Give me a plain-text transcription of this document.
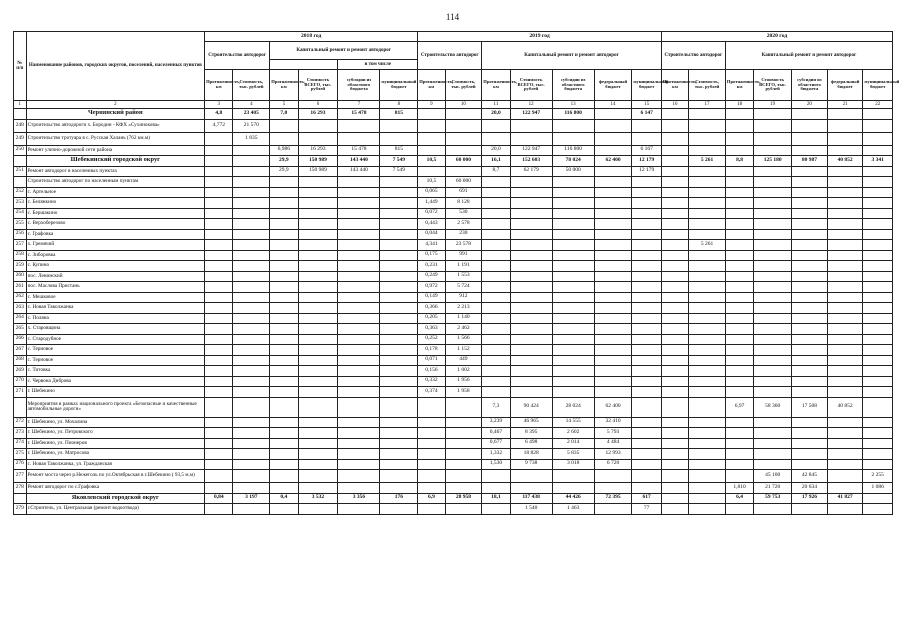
114
№ п/п	Наименование районов, городских округов, поселений, населенных пунктов	2018 год						2019 год							2020 год						
		Строительство автодорог		Капитальный ремонт и ремонт автодорог				Строительство автодорог		Капитальный ремонт и ремонт автодорог					Строительство автодорог		Капитальный ремонт и ремонт автодорог				
						в том числе															
		Протяженность, км	Стоимость, тыс. рублей	Протяженность, км	Стоимость ВСЕГО, тыс. рублей	субсидии из областного бюджета	муниципальный бюджет	Протяженность, км	Стоимость, тыс. рублей	Протяженность, км	Стоимость ВСЕГО, тыс. рублей	субсидии из областного бюджета	федеральный бюджет	муниципальный бюджет	Протяженность, км	Стоимость, тыс. рублей	Протяженность, км	Стоимость ВСЕГО, тыс. рублей	субсидии из областного бюджета	федеральный бюджет	муниципальный бюджет
1	2	3	4	5	6	7	8	9	10	11	12	13	14	15	16	17	18	19	20	21	22
	Чернянский район	4,8	23 405	7,0	16 293	15 478	815			20,0	122 947	116 800		6 147							
248	Строительство автодороги х. Бородин - КФХ «Сухинокова»	4,772	21 570																		
249	Строительство тротуара в с. Русская Халань (762 км.м)		1 835																		
250	Ремонт улично-дорожной сети района			6,986	16 293	15 478	815			20,0	122 947	116 800		6 167							
	Шебекинский городской округ			29,9	150 989	143 440	7 549	10,5	60 000	16,1	152 603	78 024	62 400	12 179		5 261	8,8	125 180	80 987	40 852	3 341
251	Ремонт автодорог в населенных пунктах			29,9	150 989	143 440	7 549			8,7	62 179	50 000		12 179							
	Строительство автодорог по населенным пунктам							10,5	60 000												
252	с. Артельное							0,065	691												
253	с. Белянкино							1,449	8 128												
254	с. Бершакино							0,072	530												
255	с. Верхоберезово							0,443	2 578												
256	с. Графовка							0,044	230												
257	х. Гремячий							4,341	23 578							5 261					
258	с. Зиборовка							0,175	991												
259	с. Купино							0,231	1 191												
260	пос. Ленинский							0,249	1 553												
261	пос. Маслова Пристань							0,972	5 724												
262	с. Мешковое							0,149	912												
263	с. Новая Таволжанка							0,366	2 213												
264	с. Поляна							0,205	1 140												
265	х. Старовщина							0,363	2 462												
266	с. Стародубное							0,252	1 566												
267	с. Терновое							0,178	1 152												
268	с. Терновое							0,071	449												
269	с. Титовка							0,156	1 002												
270	с. Червона Диброва							0,332	1 956												
271	г. Шебекино							0,374	1 958												
	Мероприятия в рамках национального проекта «Безопасные и качественные автомобильные дороги»									7,3	90 424	28 024	62 400				6,97	58 360	17 508	40 852	
272	г. Шебекино, ул. Мочалина									3,239	46 965	14 555	32 410								
273	г. Шебекино, ул. Петровского									0,467	8 395	2 602	5 793								
274	г. Шебекино, ул. Пионеров									0,677	6 498	2 014	4 484								
275	г. Шебекино, ул. Матросова									1,332	18 828	5 835	12 993								
276	с. Новая Таволжанка, ул. Гражданская									1,530	9 738	3 018	6 720								
277	Ремонт моста через р.Нежеголь по ул.Октябрьская в г.Шебекино ( 93,5 м.м)																	45 100	42 845		2 255
278	Ремонт автодорог по с.Графовка																1,810	21 720	20 634		1 086
	Яковлевский городской округ	0,84	3 197	0,4	3 532	3 356	176	6,9	28 958	18,1	117 438	44 426	72 395	617			6,4	59 753	17 926	41 827	
279	г.Строитель, ул. Центральная (ремонт водоотвода)										1 540	1 463		77							
